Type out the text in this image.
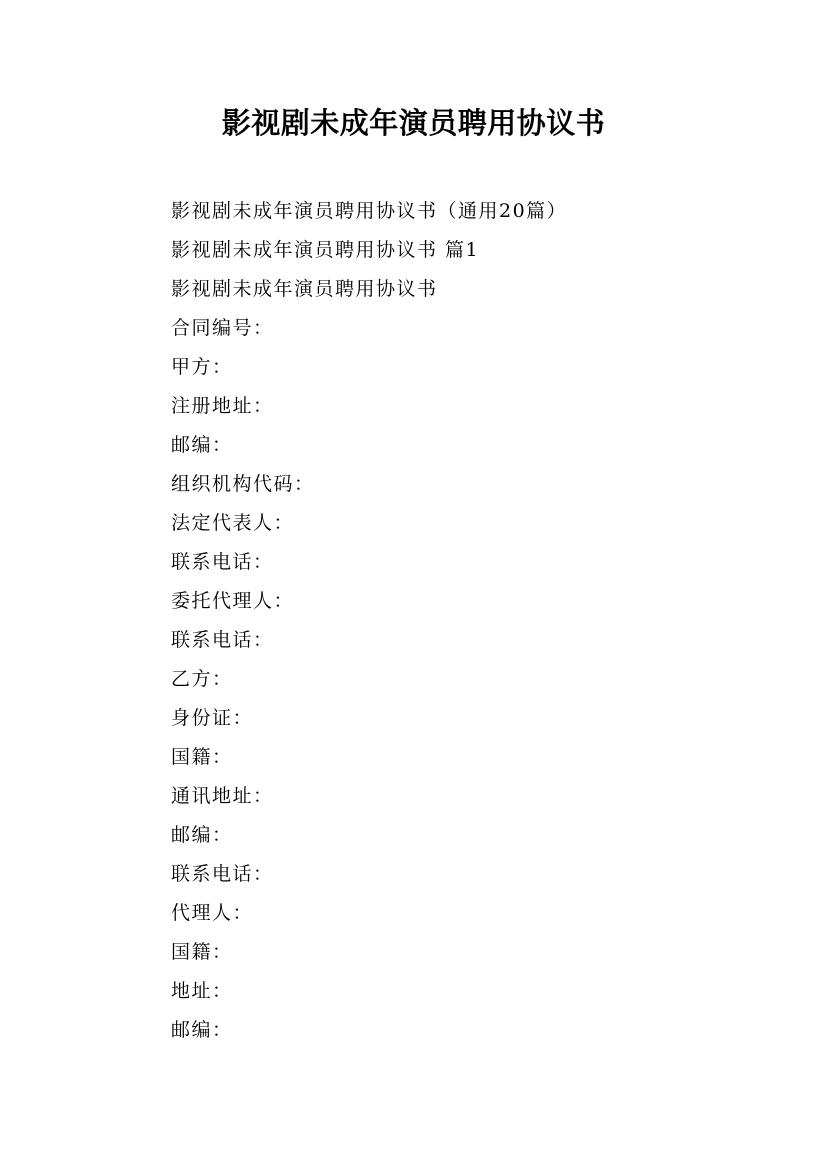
影视剧未成年演员聘用协议书
影视剧未成年演员聘用协议书（通用20篇）
影视剧未成年演员聘用协议书 篇1
影视剧未成年演员聘用协议书
合同编号：
甲方：
注册地址：
邮编：
组织机构代码：
法定代表人：
联系电话：
委托代理人：
联系电话：
乙方：
身份证：
国籍：
通讯地址：
邮编：
联系电话：
代理人：
国籍：
地址：
邮编：
